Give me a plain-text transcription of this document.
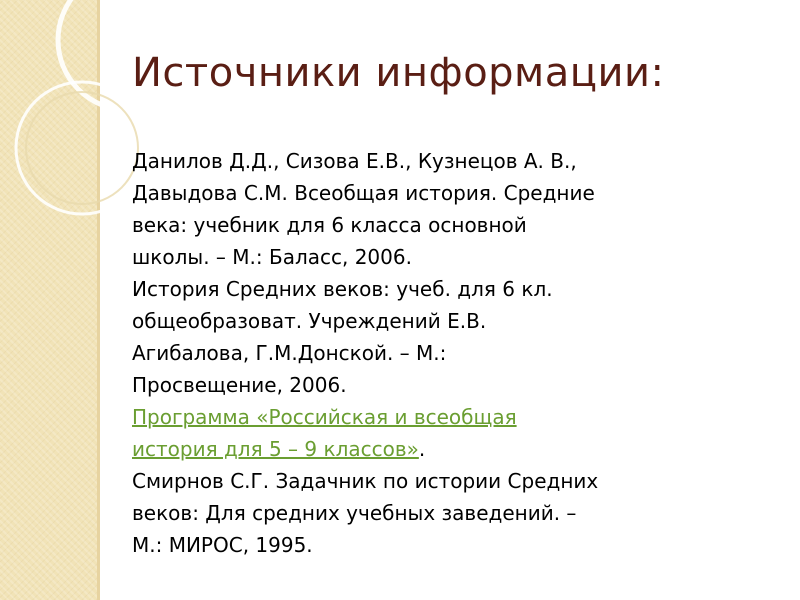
Источники информации:

Данилов Д.Д., Сизова Е.В., Кузнецов А. В., Давыдова С.М. Всеобщая история. Средние века: учебник для 6 класса основной школы. – М.: Баласс, 2006.

История Средних веков: учеб. для 6 кл. общеобразоват. Учреждений Е.В. Агибалова, Г.М.Донской. – М.: Просвещение, 2006.

Программа «Российская и всеобщая история для 5 – 9 классов».

Смирнов С.Г. Задачник по истории Средних веков: Для средних учебных заведений. – М.: МИРОС, 1995.
